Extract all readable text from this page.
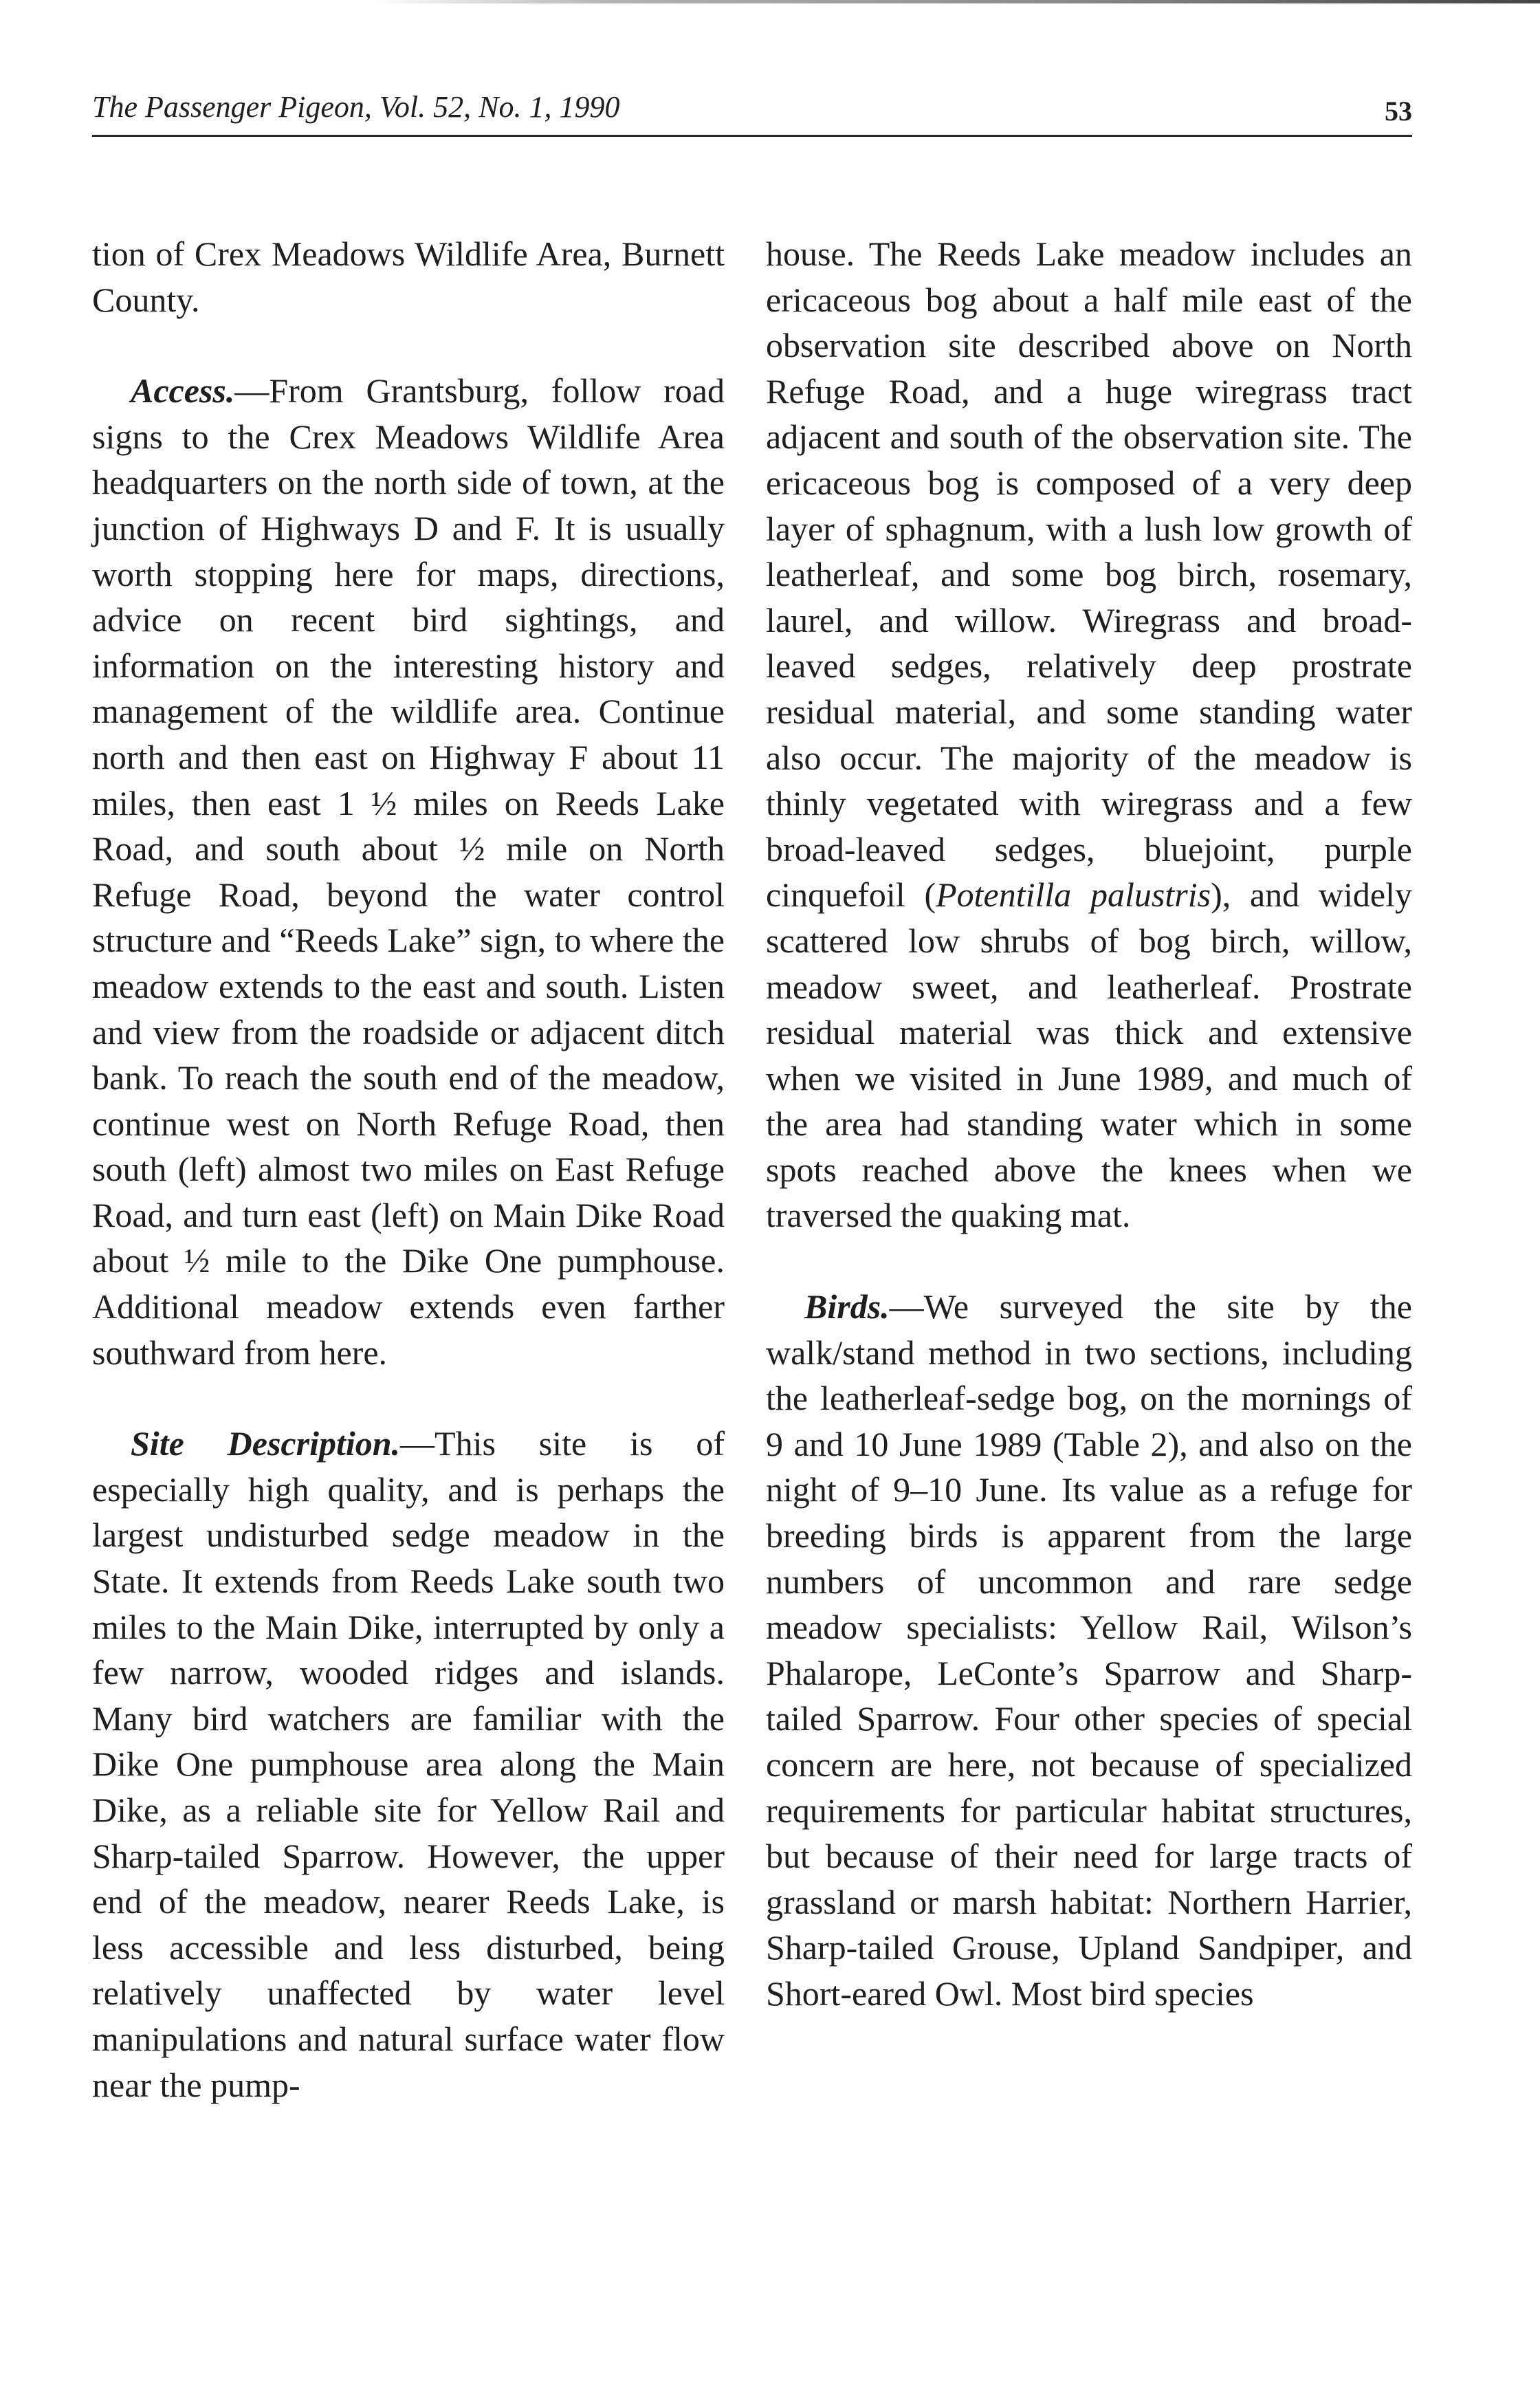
The Passenger Pigeon, Vol. 52, No. 1, 1990	53

tion of Crex Meadows Wildlife Area, Burnett County.

Access.—From Grantsburg, follow road signs to the Crex Meadows Wildlife Area headquarters on the north side of town, at the junction of Highways D and F. It is usually worth stopping here for maps, directions, advice on recent bird sightings, and information on the interesting history and management of the wildlife area. Continue north and then east on Highway F about 11 miles, then east 1 ½ miles on Reeds Lake Road, and south about ½ mile on North Refuge Road, beyond the water control structure and “Reeds Lake” sign, to where the meadow extends to the east and south. Listen and view from the roadside or adjacent ditch bank. To reach the south end of the meadow, continue west on North Refuge Road, then south (left) almost two miles on East Refuge Road, and turn east (left) on Main Dike Road about ½ mile to the Dike One pumphouse. Additional meadow extends even farther southward from here.

Site Description.—This site is of especially high quality, and is perhaps the largest undisturbed sedge meadow in the State. It extends from Reeds Lake south two miles to the Main Dike, interrupted by only a few narrow, wooded ridges and islands. Many bird watchers are familiar with the Dike One pumphouse area along the Main Dike, as a reliable site for Yellow Rail and Sharp-tailed Sparrow. However, the upper end of the meadow, nearer Reeds Lake, is less accessible and less disturbed, being relatively unaffected by water level manipulations and natural surface water flow near the pump-

house. The Reeds Lake meadow includes an ericaceous bog about a half mile east of the observation site described above on North Refuge Road, and a huge wiregrass tract adjacent and south of the observation site. The ericaceous bog is composed of a very deep layer of sphagnum, with a lush low growth of leatherleaf, and some bog birch, rosemary, laurel, and willow. Wiregrass and broad-leaved sedges, relatively deep prostrate residual material, and some standing water also occur. The majority of the meadow is thinly vegetated with wiregrass and a few broad-leaved sedges, bluejoint, purple cinquefoil (Potentilla palustris), and widely scattered low shrubs of bog birch, willow, meadow sweet, and leatherleaf. Prostrate residual material was thick and extensive when we visited in June 1989, and much of the area had standing water which in some spots reached above the knees when we traversed the quaking mat.

Birds.—We surveyed the site by the walk/stand method in two sections, including the leatherleaf-sedge bog, on the mornings of 9 and 10 June 1989 (Table 2), and also on the night of 9–10 June. Its value as a refuge for breeding birds is apparent from the large numbers of uncommon and rare sedge meadow specialists: Yellow Rail, Wilson’s Phalarope, LeConte’s Sparrow and Sharp-tailed Sparrow. Four other species of special concern are here, not because of specialized requirements for particular habitat structures, but because of their need for large tracts of grassland or marsh habitat: Northern Harrier, Sharp-tailed Grouse, Upland Sandpiper, and Short-eared Owl. Most bird species
